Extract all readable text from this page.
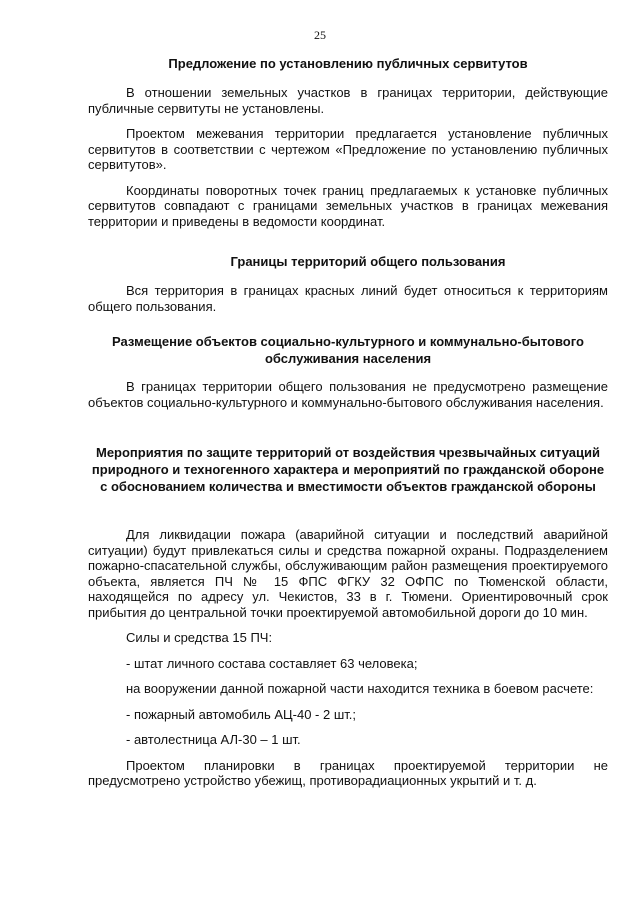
25

Предложение по установлению публичных сервитутов

В отношении земельных участков в границах территории, действующие публичные сервитуты не установлены.

Проектом межевания территории предлагается установление публичных сервитутов в соответствии с чертежом «Предложение по установлению публичных сервитутов».

Координаты поворотных точек границ предлагаемых к установке публичных сервитутов совпадают с границами земельных участков в границах межевания территории и приведены в ведомости координат.

Границы территорий общего пользования

Вся территория в границах красных линий будет относиться к территориям общего пользования.

Размещение объектов социально-культурного и коммунально-бытового обслуживания населения

В границах территории общего пользования не предусмотрено размещение объектов социально-культурного и коммунально-бытового обслуживания населения.

Мероприятия по защите территорий от воздействия чрезвычайных ситуаций природного и техногенного характера и мероприятий по гражданской обороне с обоснованием количества и вместимости объектов гражданской обороны

Для ликвидации пожара (аварийной ситуации и последствий аварийной ситуации) будут привлекаться силы и средства пожарной охраны. Подразделением пожарно-спасательной службы, обслуживающим район размещения проектируемого объекта, является ПЧ № 15 ФПС ФГКУ 32 ОФПС по Тюменской области, находящейся по адресу ул. Чекистов, 33 в г. Тюмени. Ориентировочный срок прибытия до центральной точки проектируемой автомобильной дороги до 10 мин.

Силы и средства 15 ПЧ:

- штат личного состава составляет 63 человека;

на вооружении данной пожарной части находится техника в боевом расчете:

- пожарный автомобиль АЦ-40 - 2 шт.;

- автолестница АЛ-30 – 1 шт.

Проектом планировки в границах проектируемой территории не предусмотрено устройство убежищ, противорадиационных укрытий и т. д.
